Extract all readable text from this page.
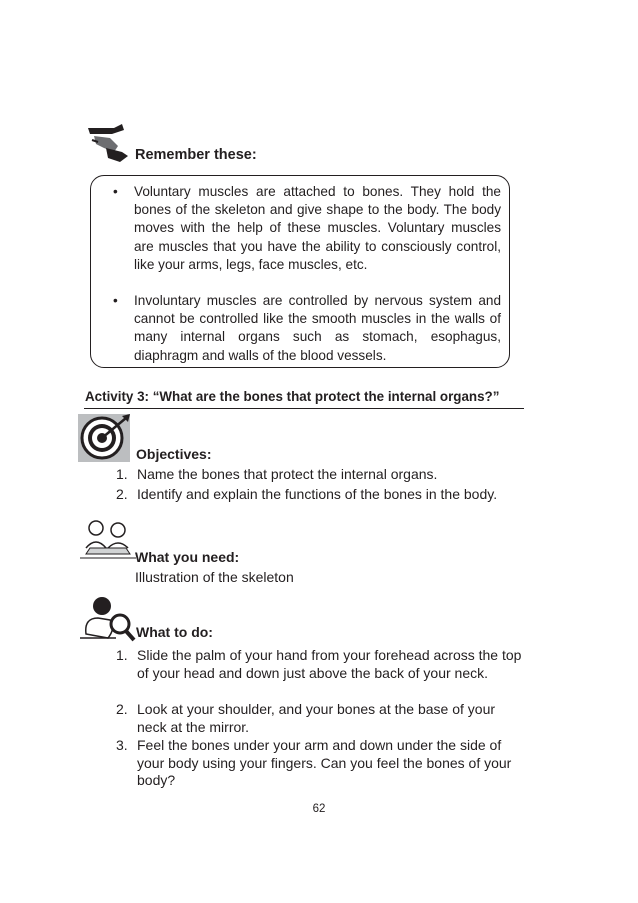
Remember these:
• Voluntary muscles are attached to bones. They hold the bones of the skeleton and give shape to the body. The body moves with the help of these muscles. Voluntary muscles are muscles that you have the ability to consciously control, like your arms, legs, face muscles, etc.
• Involuntary muscles are controlled by nervous system and cannot be controlled like the smooth muscles in the walls of many internal organs such as stomach, esophagus, diaphragm and walls of the blood vessels.
Activity 3: “What are the bones that protect the internal organs?”
Objectives:
1. Name the bones that protect the internal organs.
2. Identify and explain the functions of the bones in the body.
What you need:
Illustration of the skeleton
What to do:
1. Slide the palm of your hand from your forehead across the top of your head and down just above the back of your neck.
2. Look at your shoulder, and your bones at the base of your neck at the mirror.
3. Feel the bones under your arm and down under the side of your body using your fingers. Can you feel the bones of your body?
62
